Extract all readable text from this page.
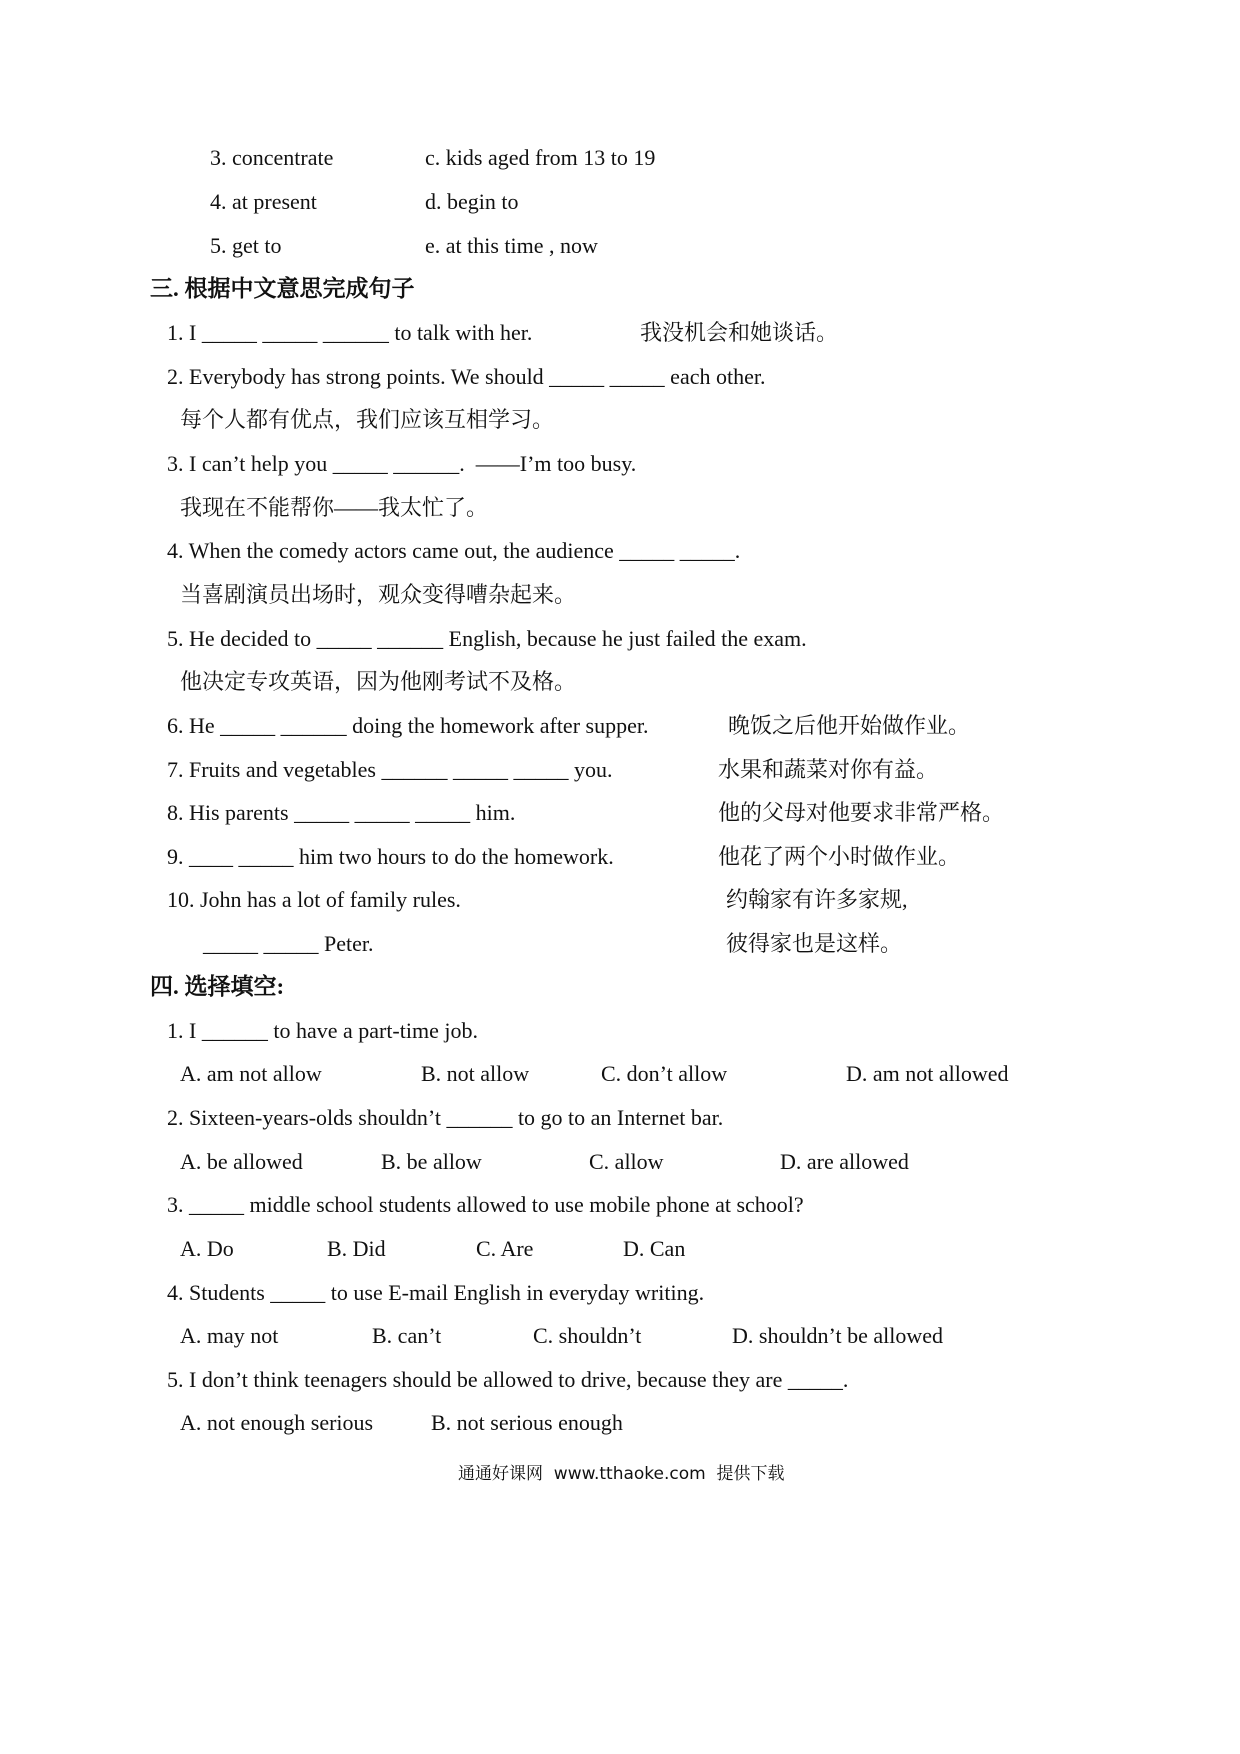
3. concentrate	c. kids aged from 13 to 19
4. at present	d. begin to
5. get to	e. at this time , now
三. 根据中文意思完成句子
1. I _____ _____ ______ to talk with her.	我没机会和她谈话。
2. Everybody has strong points. We should _____ _____ each other.
每个人都有优点，我们应该互相学习。
3. I can’t help you _____ ______.  ——I’m too busy.
我现在不能帮你——我太忙了。
4. When the comedy actors came out, the audience _____ _____.
当喜剧演员出场时，观众变得嘈杂起来。
5. He decided to _____ ______ English, because he just failed the exam.
他决定专攻英语，因为他刚考试不及格。
6. He _____ ______ doing the homework after supper.	晚饭之后他开始做作业。
7. Fruits and vegetables ______ _____ _____ you.	水果和蔬菜对你有益。
8. His parents _____ _____ _____ him.	他的父母对他要求非常严格。
9. ____ _____ him two hours to do the homework.	他花了两个小时做作业。
10. John has a lot of family rules.	约翰家有许多家规,
_____ _____ Peter.	彼得家也是这样。
四. 选择填空:
1. I ______ to have a part-time job.
A. am not allow	B. not allow	C. don’t allow	D. am not allowed
2. Sixteen-years-olds shouldn’t ______ to go to an Internet bar.
A. be allowed	B. be allow	C. allow	D. are allowed
3. _____ middle school students allowed to use mobile phone at school?
A. Do	B. Did	C. Are	D. Can
4. Students _____ to use E-mail English in everyday writing.
A. may not	B. can’t	C. shouldn’t	D. shouldn’t be allowed
5. I don’t think teenagers should be allowed to drive, because they are _____.
A. not enough serious	B. not serious enough
通通好课网  www.tthaoke.com  提供下载
